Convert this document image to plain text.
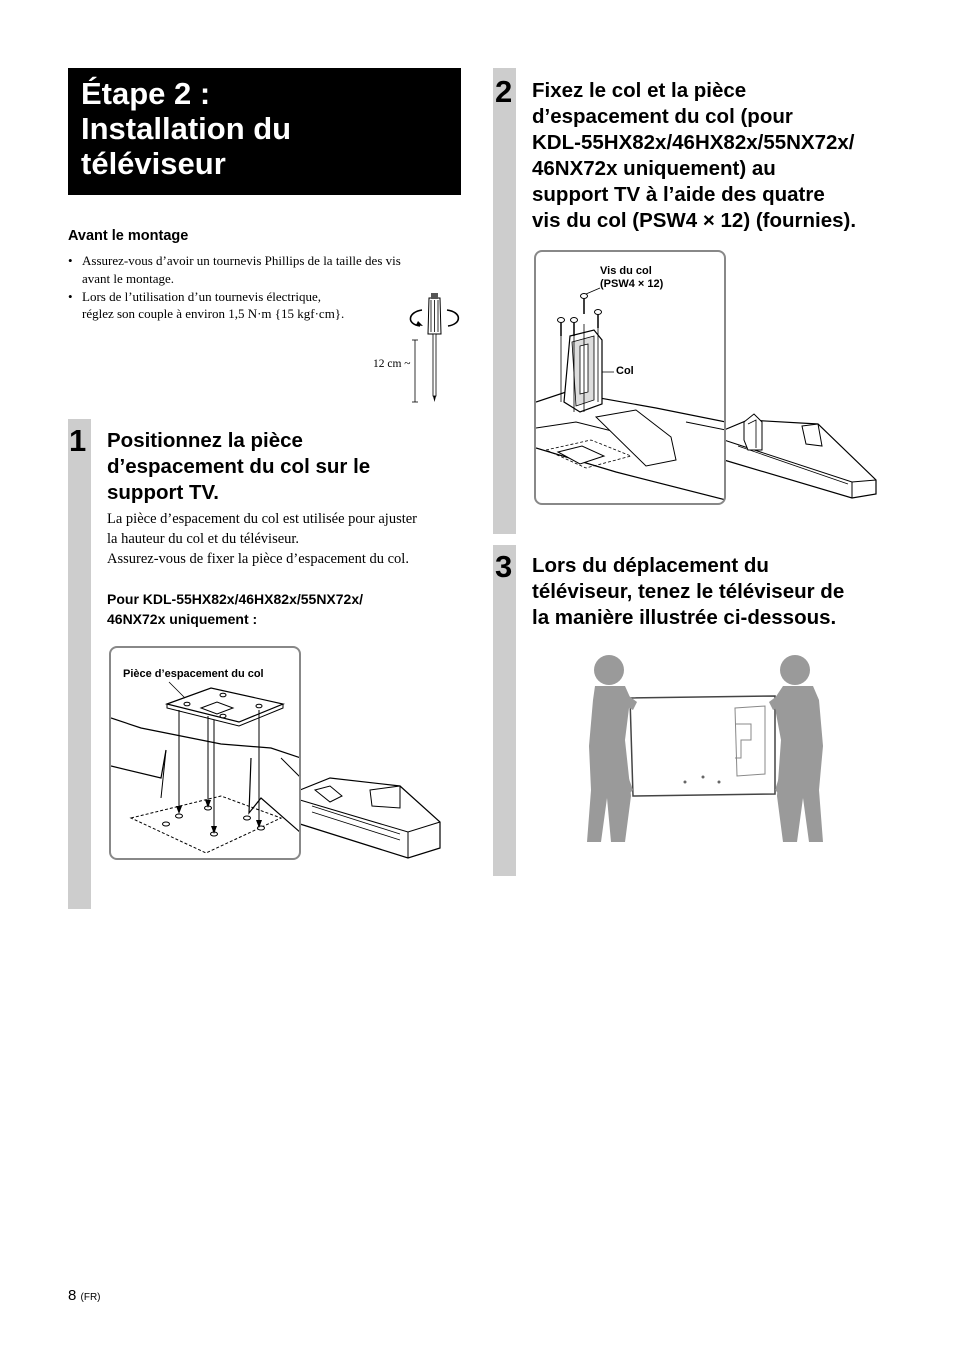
Étape 2 :
Installation du
téléviseur
Avant le montage
• Assurez-vous d’avoir un tournevis Phillips de la taille des vis
avant le montage.
• Lors de l’utilisation d’un tournevis électrique,
réglez son couple à environ 1,5 N·m {15 kgf·cm}.
12 cm ~
1 Positionnez la pièce
d’espacement du col sur le
support TV.
La pièce d’espacement du col est utilisée pour ajuster
la hauteur du col et du téléviseur.
Assurez-vous de fixer la pièce d’espacement du col.
Pour KDL-55HX82x/46HX82x/55NX72x/
46NX72x uniquement :
Pièce d’espacement du col
2 Fixez le col et la pièce
d’espacement du col (pour
KDL-55HX82x/46HX82x/55NX72x/
46NX72x uniquement) au
support TV à l’aide des quatre
vis du col (PSW4 × 12) (fournies).
Vis du col
(PSW4 × 12)
Col
3 Lors du déplacement du
téléviseur, tenez le téléviseur de
la manière illustrée ci-dessous.
8 (FR)
